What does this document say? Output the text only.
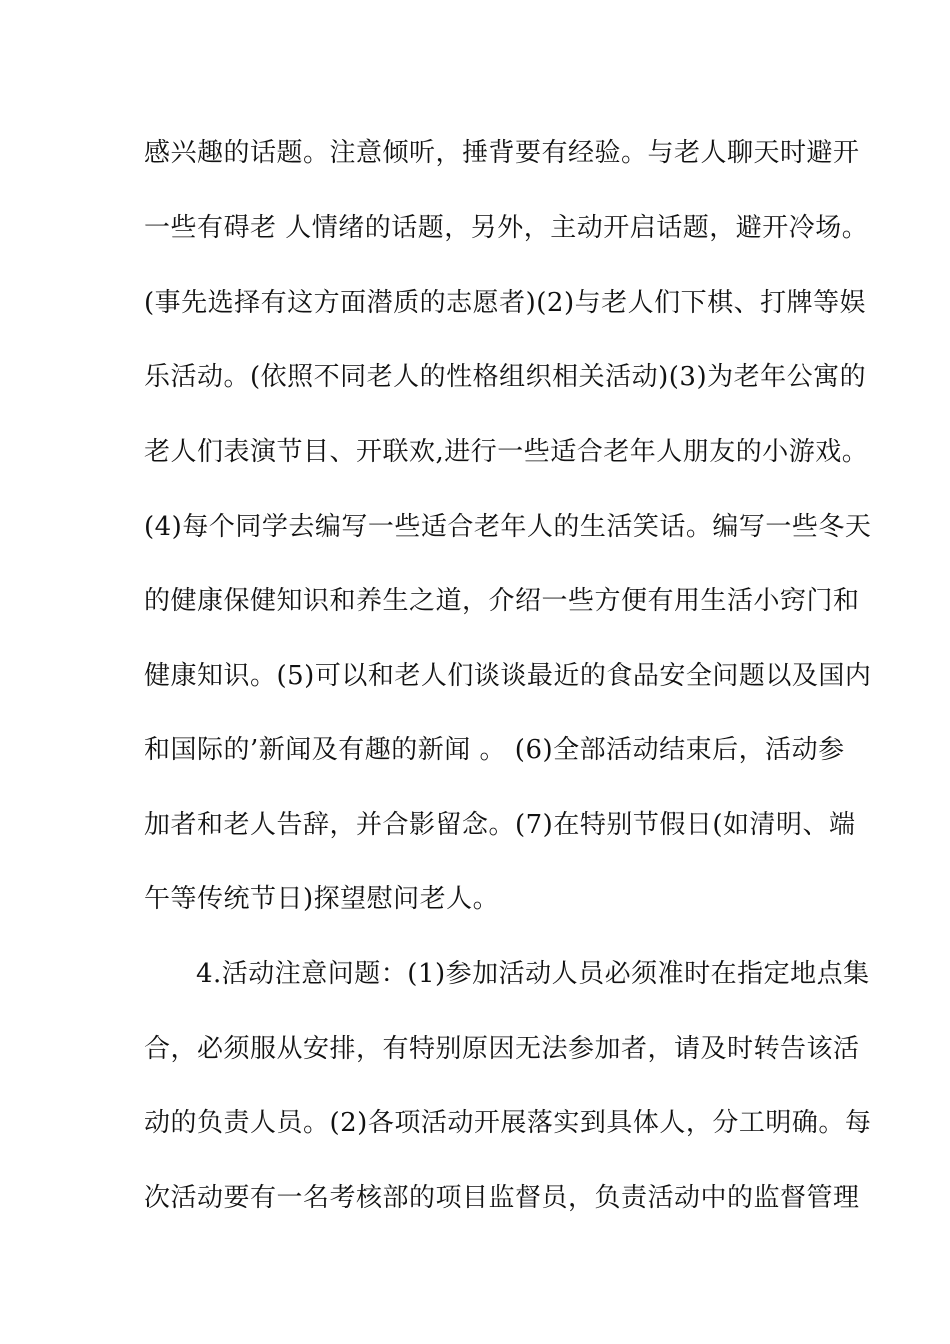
感兴趣的话题。注意倾听，捶背要有经验。与老人聊天时避开
一些有碍老 人情绪的话题，另外，主动开启话题，避开冷场。
(事先选择有这方面潜质的志愿者)(2)与老人们下棋、打牌等娱
乐活动。(依照不同老人的性格组织相关活动)(3)为老年公寓的
老人们表演节目、开联欢,进行一些适合老年人朋友的小游戏。
(4)每个同学去编写一些适合老年人的生活笑话。编写一些冬天
的健康保健知识和养生之道，介绍一些方便有用生活小窍门和
健康知识。(5)可以和老人们谈谈最近的食品安全问题以及国内
和国际的’新闻及有趣的新闻 。 (6)全部活动结束后，活动参
加者和老人告辞，并合影留念。(7)在特别节假日(如清明、端
午等传统节日)探望慰问老人。
4.活动注意问题：(1)参加活动人员必须准时在指定地点集
合，必须服从安排，有特别原因无法参加者，请及时转告该活
动的负责人员。(2)各项活动开展落实到具体人，分工明确。每
次活动要有一名考核部的项目监督员，负责活动中的监督管理
